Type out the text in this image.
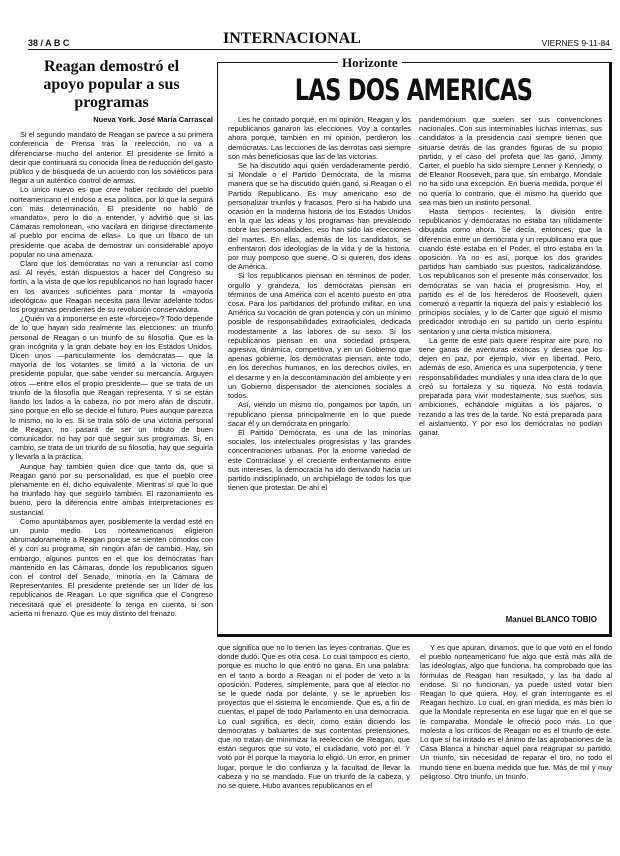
38 / A B C	INTERNACIONAL	VIERNES 9-11-84
Reagan demostró el apoyo popular a sus programas
Nueva York. José María Carrascal

Si el segundo mandato de Reagan se parece a su primera conferencia de Prensa tras la reelección, no va a diferenciarse mucho del anterior. El presidente se limitó a decir que continuará su conocida línea de reducción del gasto público y de búsqueda de un acuerdo con los soviéticos para llegar a un auténtico control de armas.

Lo único nuevo es que cree haber recibido del pueblo norteamericano el endoso a esa política, por lo que la seguirá con más determinación. El presidente no habló de «mandato», pero lo dio a entender, y advirtió que si las Cámaras remolonean, «no vacilará en dirigirse directamente al pueblo por encima de ellas». Lo que un líbaco de un presidente que acaba de demostrar un considerable apoyo popular no una amenaza.

Claro que los demócratas no van a renunciar así como así. Al revés, están dispuestos a hacer del Congreso su fortín, a la vista de que los republicanos no han logrado hacer en los avances suficientes para montar la «mayoría ideológica» que Reagan necesita para llevar adelante todos los programas pendientes de su revolución conservadora.

¿Quién va a imponerse en este «forcejeo»? Todo depende de lo que hayan sido realmente las elecciones: un triunfo personal de Reagan o un triunfo de su filosofía. Que es la gran incógnita y la gran debate hoy en los Estados Unidos. Dicen unos —particularmente los demócratas— que la mayoría de los votantes se limitó a la victoria de un presidente popular, que sabe vender su mercancía. Arguyen otros —entre ellos el propio presidente— que se trata de un triunfo de la filosofía que Reagan representa. Y si se están liando los lados a la cabeza, no por mero afán de discutir, sino porque en ello se decide el futuro. Pues aunque parezca lo mismo, no lo es. Si se trata sólo de una victoria personal de Reagan, no pasará de ser un tributo de buen comunicador, no hay por qué seguir sus programas. Si, en cambio, se trata de un triunfo de su filosofía, hay que seguirla y llevarla a la práctica.

Aunque hay también quien dice que tanto da, que si Reagan ganó por su personalidad, es que el pueblo cree plenamente en él, dicho equivalente. Mientras sí que lo que ha triunfado hay que seguirlo también. El razonamiento es bueno, pero la diferencia entre ambas interpretaciones es sustancial.

Como apuntábamos ayer, posiblemente la verdad esté en un punto medio. Los norteamericanos eligieron abrumadoramente a Reagan porque se sienten cómodos con él y con su programa, sin ningún afán de cambio. Hay, sin embargo, algunos puntos en el que los demócratas han mantenido en las Cámaras, donde los republicanos siguen con el control del Senado, minoría en la Cámara de Representantes. El presidente pretende ser un líder de los republicanos de Reagan. Lo que significa que el Congreso necesitará que el presidente lo tenga en cuenta, si son acierta ni frenazo. Que es muy distinto del frenazo.

Horizonte
LAS DOS AMERICAS

Les he contado porqué, en mi opinión, Reagan y los republicanos ganaron las elecciones. Voy a contarles ahora porqué, también en mi opinión, perdieron los demócratas. Las lecciones de las derrotas casi siempre son más beneficiosas que las de las victorias.

Se ha discutido aquí quién verdaderamente perdió, si Mondale o el Partido Demócrata, de la misma manera que se ha discutido quién ganó, si Reagan o el Partido Republicano. Es muy americano eso de personalizar triunfos y fracasos. Pero si ha habido una ocasión en la moderna historia de los Estados Unidos en la que las ideas y los programas han prevalecido sobre las personalidades, eso han sido las elecciones del martes. En ellas, además de los candidatos, se enfrentaron dos ideologías de la vida y de la historia, por muy pomposo que suene. O si quieren, dos ideas de América.

Si los republicanos piensan en términos de poder, orgullo y grandeza, los demócratas piensan en términos de una América con el acento puesto en otra cosa. Para los partidarios del profundo militar, en una América su vocación de gran potencia y con un mínimo posible de responsabilidades extraoficiales, dedicada modestamente a las labores de su sexo. Si los republicanos piensan en una sociedad próspera, agresiva, dinámica, competitiva, y en un Gobierno que apenas gobierne, los demócratas piensan, ante todo, en los derechos humanos, en los derechos civiles, en el desarme y en la descontaminación del ambiente y en un Gobierno dispensador de atenciones sociales a todos.

Así, viendo un mismo río, pongamos por tapón, un republicano piensa principalmente en lo que puede sacar él y un demócrata en pringarlo.

El Partido Demócrata, es una de las minorías sociales, los intelectuales progresistas y las grandes concentraciones urbanas. Por la enorme variedad de este Contraclase y el creciente enfrentamiento entre sus intereses, la democracia ha ido derivando hacia un partido indisciplinado, un archipiélago de todos los que tienen que protestar. De ahí el

pandemónium que suelen ser sus convenciones nacionales. Con sus interminables luchas internas, sus candidatos a la presidencia casi siempre tienen que situarse detrás de las grandes figuras de su propio partido, y el caso del profeta que las ganó, Jimmy Carter, el pueblo ha sido siempre Lenner y Kennedy, o de Eleanor Roosevelt, para que, sin embargo, Mondale no ha sido una excepción. En buena medida, porque él no quería lo contrario, que él mismo ha querido que sea más bien un instinto personal.

Hasta tiempos recientes, la división entre republicanos y demócratas no estaba tan nítidamente dibujada como ahora. Se decía, entonces, que la diferencia entre un demócrata y un republicano era que cuando éste estaba en el Poder, el otro estaba en la oposición. Ya no es así, porque los dos grandes partidos han cambiado sus puestos, radicalizándose. Los republicanos son el presente más conservador, los demócratas se van hacia el progresismo. Hoy, el partido es el de los herederos de Roosevelt, quien comenzó a repartir la riqueza del país y estableció los principios sociales, y lo de Carter que siguió el mismo predicador introdujo en su partido un cierto espíritu sentarion y una cierta mística misionera.

La gente de este país quiere respirar aire puro, no tiene ganas de aventuras exóticas y desea que los dejen en paz, por ejemplo, vivir en libertad. Pero, además de eso, America es una superpotencia, y tiene responsabilidades mundiales y una idea clara de lo que creó su fortaleza y su riqueza. No está todavía preparada para vivir modestamente, sus sueños, sus ambiciones, echándole miguitas a los pájaros, o rezando a las tres de la tarde. No está preparada para el aislamiento. Y por eso los demócratas no podían ganar.

Manuel BLANCO TOBIO

que significa que no lo tienen las leyes contrarias. Que es donde dudó. Que es otra cosa. Lo cual tampoco es cierto, porque es mucho lo que entró no gana. En una palabra: en el tanto a bordo a Reagan ni el poder de veto a la oposición. Poderes, simplemente, para que al elector no se le quede nada por delante, y se le aprueben los proyectos que el sistema le encomiende. Que es, a fin de cuentas, el papel de todo Parlamento en una democracia. Lo cual significa, es decir, como están diciendo los demócratas y baluartes de sus contentas pretensiones, que no tratan de minimizar la reelección de Reagan, que están seguros que su voto, el ciudadano, votó por él. Y votó por él porque la mayoría lo eligió. Un error, en primer lugar, porque le dio confianza y la facultad de llevar la cabeza y no se mandado. Fue un triunfo de la cabeza, y no se quiere. Hubo avances republicanos en el

Y es que apuran, dinamos, que lo que votó en el fondo el pueblo norteamericano fue algo que está más allá de las ideologías, algo que funciona, ha comprobado que las fórmulas de Reagan han resultado, y las ha dado al endose. Si no funcionan, ya puede usted votar bien Reagan lo que quiera. Hoy, el gran interrogante es el Reagan hechizo. Lo cual, en gran medida, es más bien lo que la Mondale representa en ese lugar que en el que se le comparaba. Mondale le ofreció poco más. Lo que molesta a los críticos de Reagan no es el triunfo de éste. Lo que sí ha irritado es el ánimo de las aprobaciones de la Casa Blanca a hinchar aquel para reagrupar su partido. Un triunfo, sin necesidad de reparar el tiro, no todo el mundo tiene en buena medida que fue. Más de mil y muy peligroso. Otro triunfo, un triunfo.
